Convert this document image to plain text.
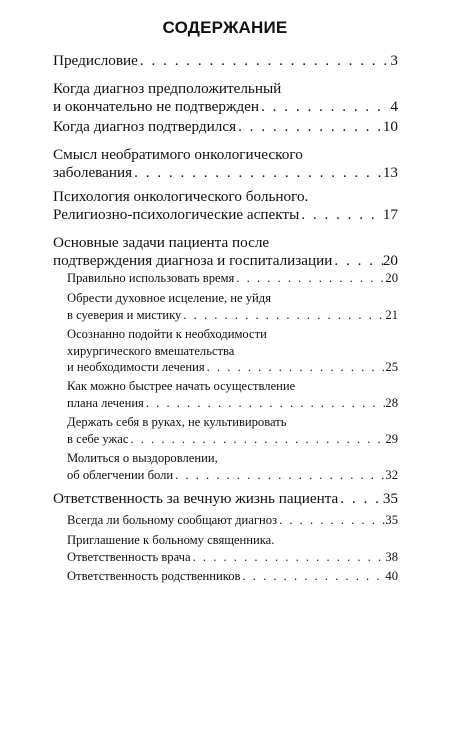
СОДЕРЖАНИЕ
Предисловие . . .	3
Когда диагноз предположительный
и окончательно не подтвержден . . .	4
Когда диагноз подтвердился . . .	10
Смысл необратимого онкологического
заболевания . . .	13
Психология онкологического больного.
Религиозно-психологические аспекты . . .	17
Основные задачи пациента после
подтверждения диагноза и госпитализации . . .	20
Правильно использовать время . . .	20
Обрести духовное исцеление, не уйдя
в суеверия и мистику . . .	21
Осознанно подойти к необходимости
хирургического вмешательства
и необходимости лечения . . .	25
Как можно быстрее начать осуществление
плана лечения . . .	28
Держать себя в руках, не культивировать
в себе ужас . . .	29
Молиться о выздоровлении,
об облегчении боли . . .	32
Ответственность за вечную жизнь пациента . . .	35
Всегда ли больному сообщают диагноз . . .	35
Приглашение к больному священника.
Ответственность врача . . .	38
Ответственность родственников . . .	40
